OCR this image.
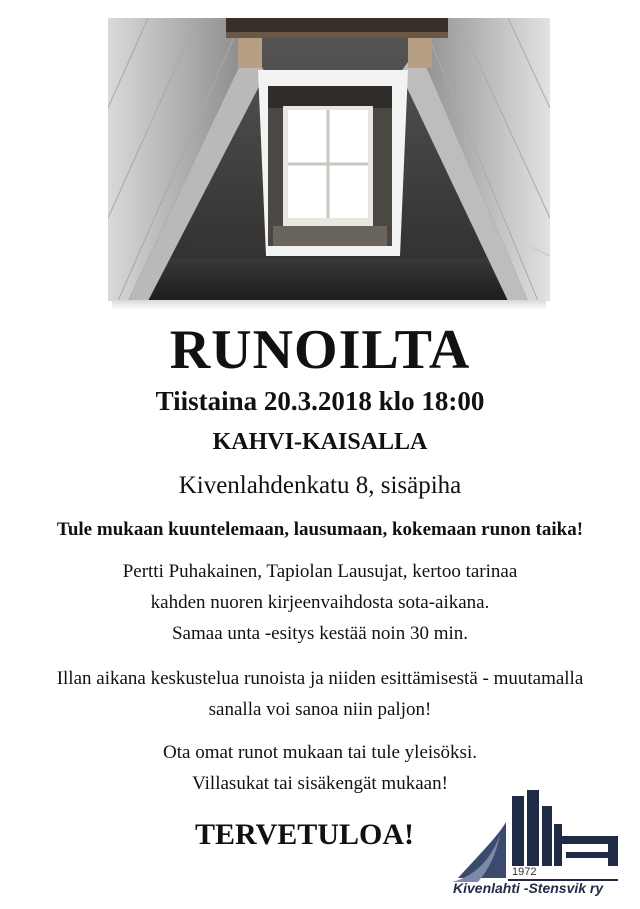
RUNOILTA
Tiistaina 20.3.2018 klo 18:00
KAHVI-KAISALLA
Kivenlahdenkatu 8, sisäpiha
Tule mukaan kuuntelemaan, lausumaan, kokemaan runon taika!
Pertti Puhakainen, Tapiolan Lausujat, kertoo tarinaa
kahden nuoren kirjeenvaihdosta sota-aikana.
Samaa unta -esitys kestää noin 30 min.
Illan aikana keskustelua runoista ja niiden esittämisestä - muutamalla
sanalla voi sanoa niin paljon!
Ota omat runot mukaan tai tule yleisöksi.
Villasukat tai sisäkengät mukaan!
TERVETULOA!
1972
Kivenlahti -Stensvik ry
